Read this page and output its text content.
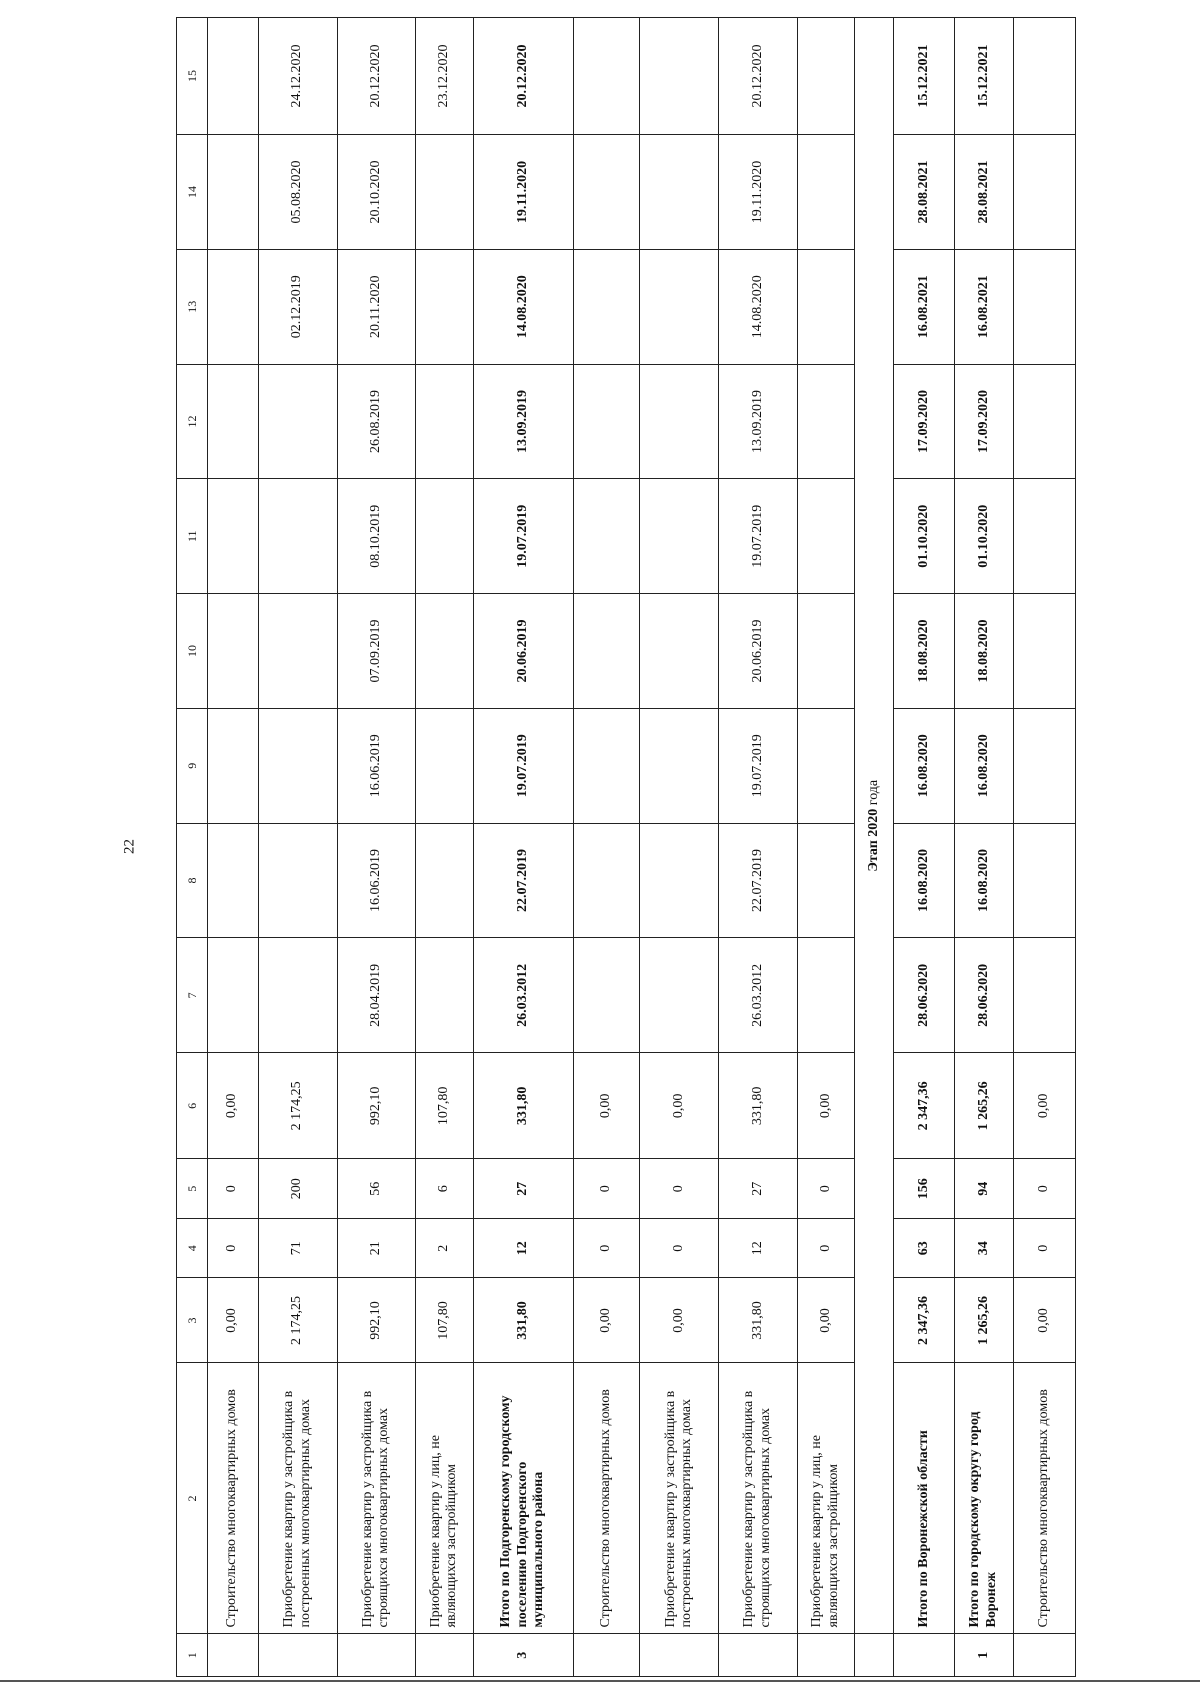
22
1	2	3	4	5	6	7	8	9	10	11	12	13	14	15
	Строительство многоквартирных домов	0,00	0	0	0,00									
	Приобретение квартир у застройщика в построенных многоквартирных домах	2 174,25	71	200	2 174,25							02.12.2019	05.08.2020	24.12.2020
	Приобретение квартир у застройщика в строящихся многоквартирных домах	992,10	21	56	992,10	28.04.2019	16.06.2019	16.06.2019	07.09.2019	08.10.2019	26.08.2019	20.11.2020	20.10.2020	20.12.2020
	Приобретение квартир у лиц, не являющихся застройщиком	107,80	2	6	107,80									23.12.2020
3	Итого по Подгоренскому городскому поселению Подгоренского муниципального района	331,80	12	27	331,80	26.03.2012	22.07.2019	19.07.2019	20.06.2019	19.07.2019	13.09.2019	14.08.2020	19.11.2020	20.12.2020
	Строительство многоквартирных домов	0,00	0	0	0,00									
	Приобретение квартир у застройщика в построенных многоквартирных домах	0,00	0	0	0,00									
	Приобретение квартир у застройщика в строящихся многоквартирных домах	331,80	12	27	331,80	26.03.2012	22.07.2019	19.07.2019	20.06.2019	19.07.2019	13.09.2019	14.08.2020	19.11.2020	20.12.2020
	Приобретение квартир у лиц, не являющихся застройщиком	0,00	0	0	0,00									
	Этап 2020 года													
	Итого по Воронежской области	2 347,36	63	156	2 347,36	28.06.2020	16.08.2020	16.08.2020	18.08.2020	01.10.2020	17.09.2020	16.08.2021	28.08.2021	15.12.2021
1	Итого по городскому округу город Воронеж	1 265,26	34	94	1 265,26	28.06.2020	16.08.2020	16.08.2020	18.08.2020	01.10.2020	17.09.2020	16.08.2021	28.08.2021	15.12.2021
	Строительство многоквартирных домов	0,00	0	0	0,00									
